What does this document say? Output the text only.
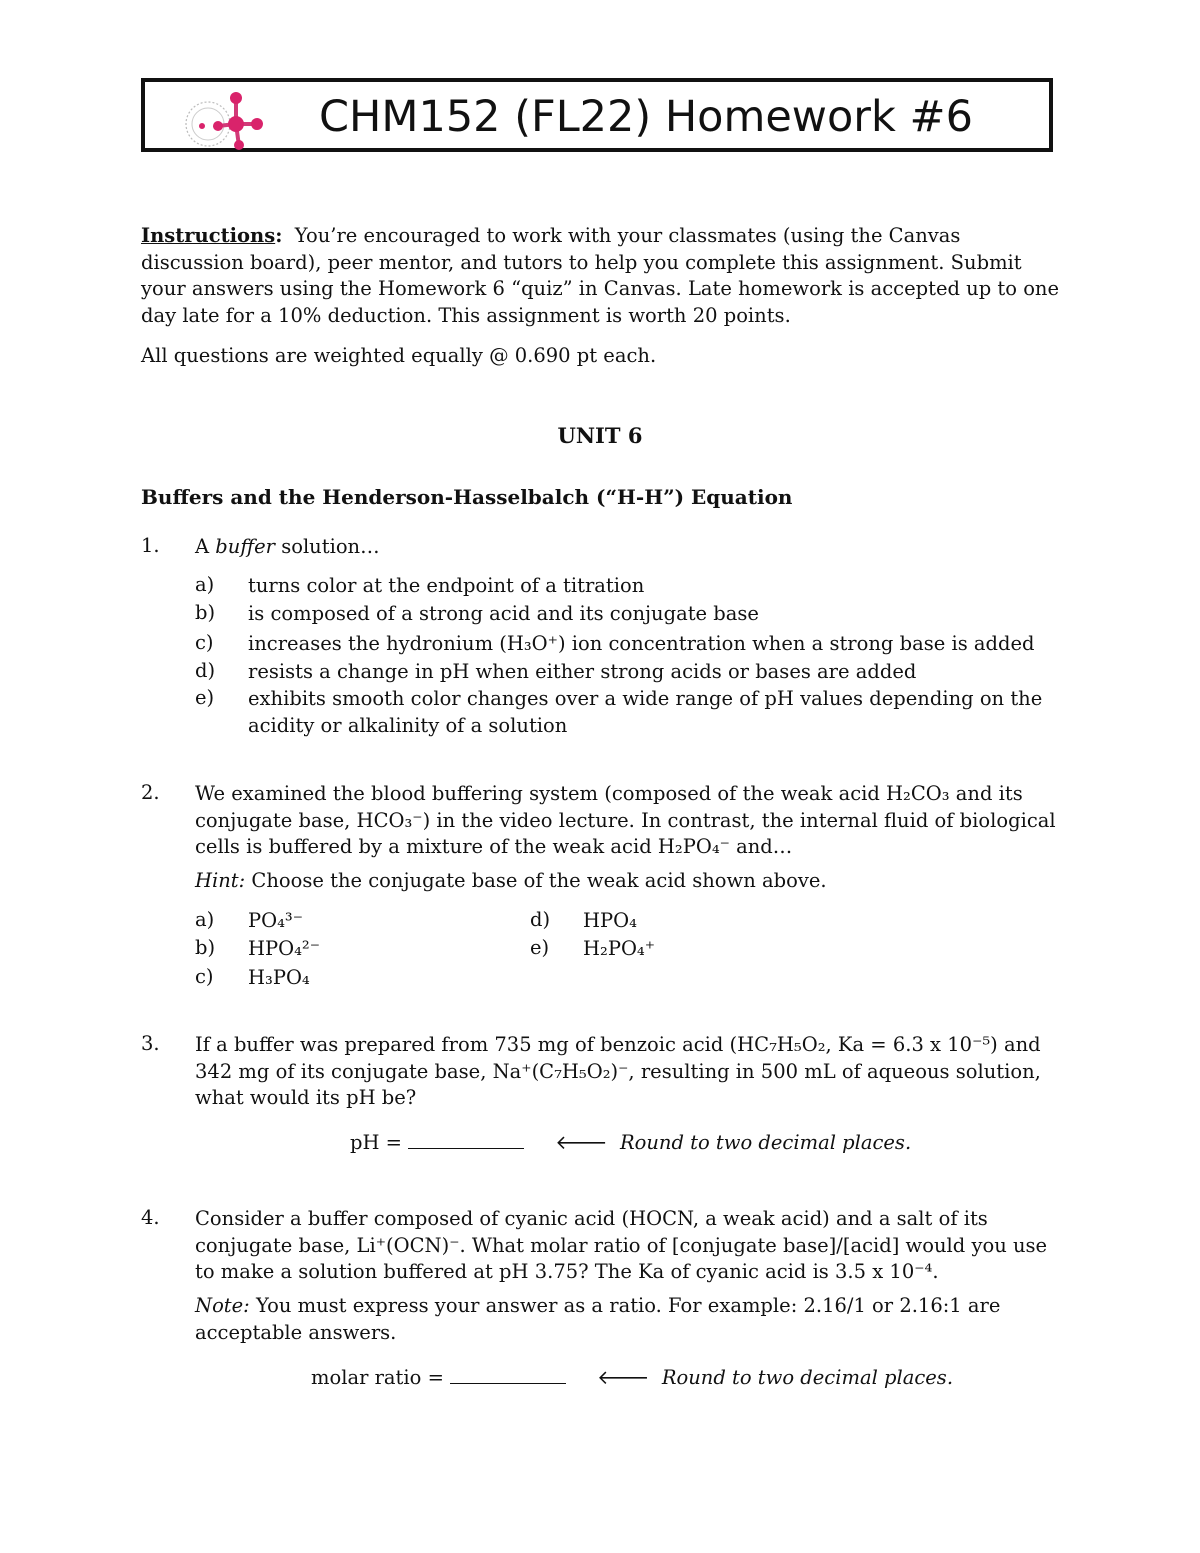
CHM152 (FL22) Homework #6
Instructions: You’re encouraged to work with your classmates (using the Canvas discussion board), peer mentor, and tutors to help you complete this assignment. Submit your answers using the Homework 6 “quiz” in Canvas. Late homework is accepted up to one day late for a 10% deduction. This assignment is worth 20 points.
All questions are weighted equally @ 0.690 pt each.
UNIT 6
Buffers and the Henderson-Hasselbalch (“H-H”) Equation
1. A buffer solution…
a) turns color at the endpoint of a titration
b) is composed of a strong acid and its conjugate base
c) increases the hydronium (H₃O⁺) ion concentration when a strong base is added
d) resists a change in pH when either strong acids or bases are added
e) exhibits smooth color changes over a wide range of pH values depending on the acidity or alkalinity of a solution
2. We examined the blood buffering system (composed of the weak acid H₂CO₃ and its conjugate base, HCO₃⁻) in the video lecture. In contrast, the internal fluid of biological cells is buffered by a mixture of the weak acid H₂PO₄⁻ and…
Hint: Choose the conjugate base of the weak acid shown above.
a) PO₄³⁻
b) HPO₄²⁻
c) H₃PO₄
d) HPO₄
e) H₂PO₄⁺
3. If a buffer was prepared from 735 mg of benzoic acid (HC₇H₅O₂, Ka = 6.3 x 10⁻⁵) and 342 mg of its conjugate base, Na⁺(C₇H₅O₂)⁻, resulting in 500 mL of aqueous solution, what would its pH be?
pH =	🡐 Round to two decimal places.
4. Consider a buffer composed of cyanic acid (HOCN, a weak acid) and a salt of its conjugate base, Li⁺(OCN)⁻. What molar ratio of [conjugate base]/[acid] would you use to make a solution buffered at pH 3.75? The Ka of cyanic acid is 3.5 x 10⁻⁴.
Note: You must express your answer as a ratio. For example: 2.16/1 or 2.16:1 are acceptable answers.
molar ratio =	🡐 Round to two decimal places.
